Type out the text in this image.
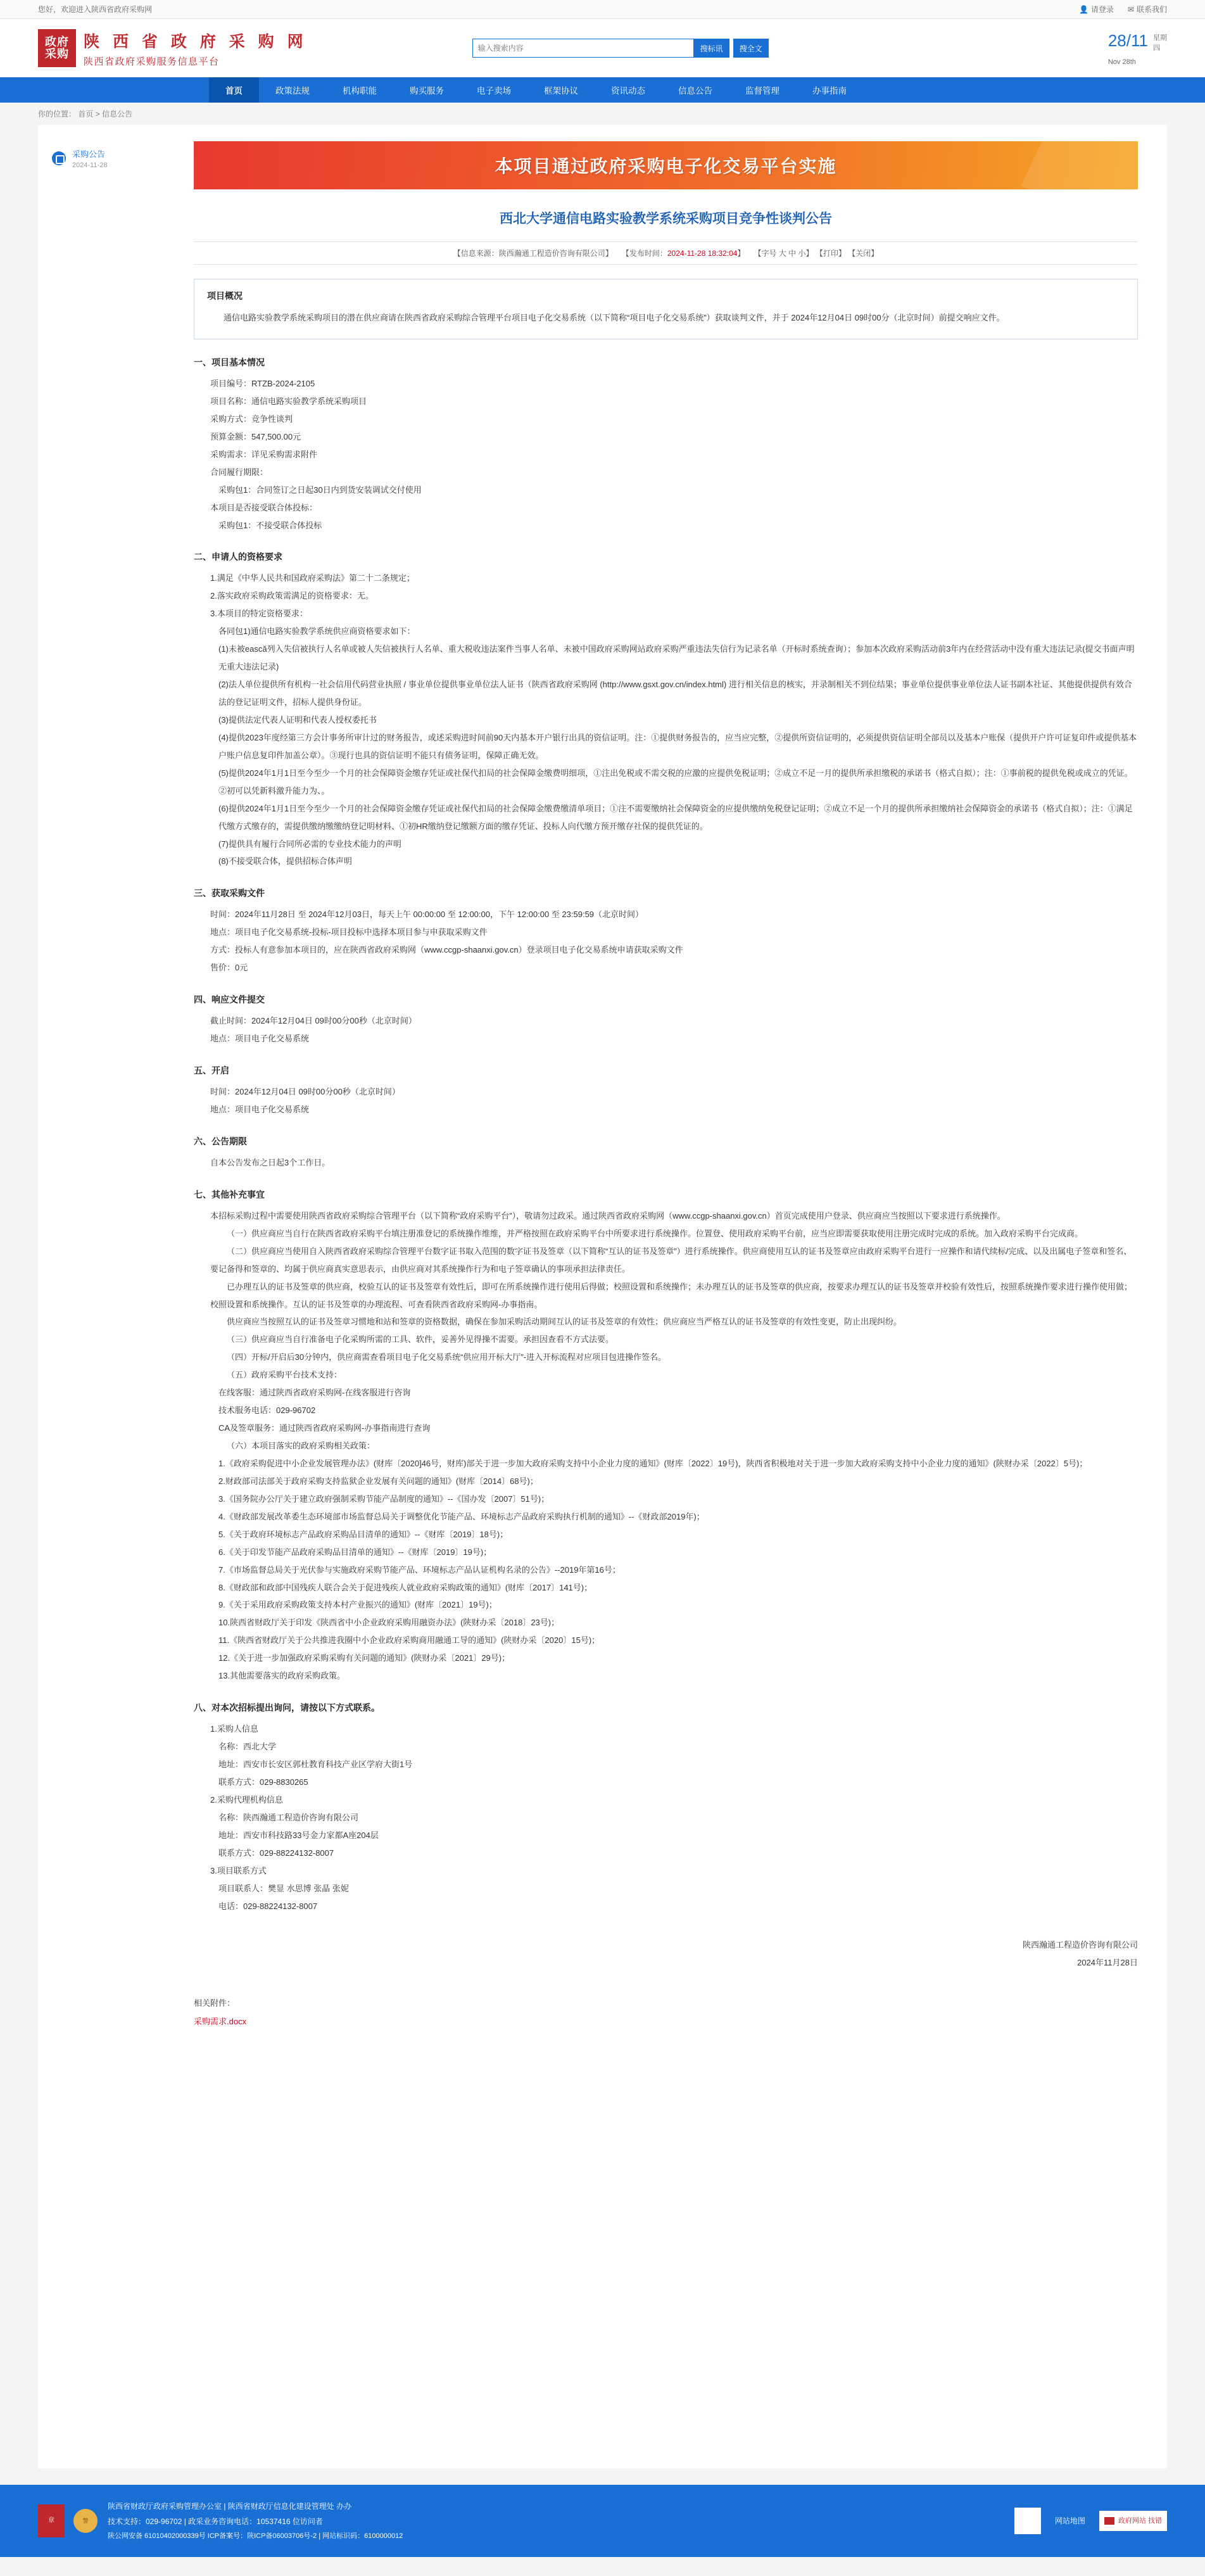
您好，欢迎进入陕西省政府采购网	👤 请登录 ✉ 联系我们
政府采购
陕 西 省 政 府 采 购 网
陕西省政府采购服务信息平台
输入搜索内容
搜标讯	搜全文	28/11
Nov 28th
星期
四
首页	政策法规	机构职能	购买服务	电子卖场	框架协议	资讯动态	信息公告	监督管理	办事指南
你的位置： 首页 > 信息公告
采购公告
2024-11-28	本项目通过政府采购电子化交易平台实施
西北大学通信电路实验教学系统采购项目竞争性谈判公告
【信息来源：陕西瀚通工程造价咨询有限公司】 【发布时间：2024-11-28 18:32:04】 【字号 大 中 小】 【打印】 【关闭】
项目概况

通信电路实验教学系统采购项目的潜在供应商请在陕西省政府采购综合管理平台项目电子化交易系统（以下简称“项目电子化交易系统”）获取谈判文件，并于 2024年12月04日 09时00分（北京时间）前提交响应文件。

一、项目基本情况
项目编号：RTZB-2024-2105
项目名称：通信电路实验教学系统采购项目
采购方式：竞争性谈判
预算金额：547,500.00元
采购需求：详见采购需求附件
合同履行期限：
采购包1：合同签订之日起30日内到货安装调试交付使用
本项目是否接受联合体投标：
采购包1：不接受联合体投标
二、申请人的资格要求
1.满足《中华人民共和国政府采购法》第二十二条规定；
2.落实政府采购政策需满足的资格要求：无。
3.本项目的特定资格要求：
各同包1)通信电路实验教学系统供应商资格要求如下：
(1)未被ească列入失信被执行人名单或被人失信被执行人名单、重大税收违法案件当事人名单、未被中国政府采购网站政府采购严重违法失信行为记录名单（开标时系统查询）；参加本次政府采购活动前3年内在经营活动中没有重大违法记录(提交书面声明无重大违法记录)
(2)法人单位提供所有机构一社会信用代码营业执照 / 事业单位提供事业单位法人证书（陕西省政府采购网 (http://www.gsxt.gov.cn/index.html) 进行相关信息的核实，并录制相关不到位结果；事业单位提供事业单位法人证书副本社证、其他提供提供有效合法的登记证明文件，招标人提供身份证。
(3)提供法定代表人证明和代表人授权委托书
(4)提供2023年度经第三方会计事务所审计过的财务报告，或述采购进时间前90天内基本开户银行出具的资信证明。注：①提供财务报告的，应当应完整，②提供所资信证明的，必须提供资信证明全部员以及基本户账保（提供开户许可证复印件或提供基本户账户信息复印件加盖公章）。③现行也具的资信证明不能只有债务证明，保障正确无效。
(5)提供2024年1月1日至今至少一个月的社会保障资金缴存凭证或社保代扣局的社会保障金缴费明细项，①注出免税或不需交税的应激的应提供免税证明；②成立不足一月的提供所承担缴税的承诺书（格式自拟）；注：①事前税的提供免税或成立的凭证。②初可以凭新料激升能力为、。
(6)提供2024年1月1日至今至少一个月的社会保障资金缴存凭证或社保代扣局的社会保障金缴费缴清单项目；①注不需要缴纳社会保障资金的应提供缴纳免税登记证明；②成立不足一个月的提供所承担缴纳社会保障资金的承诺书（格式自拟）；注：①满足代缴方式缴存的，需提供缴纳缴缴纳登记明材料、①初HR缴纳登记缴额方面的缴存凭证、投标人向代缴方预开缴存社保的提供凭证的。
(7)提供具有履行合同所必需的专业技术能力的声明
(8)不接受联合体，提供招标合体声明
三、获取采购文件
时间：2024年11月28日 至 2024年12月03日，每天上午 00:00:00 至 12:00:00，下午 12:00:00 至 23:59:59（北京时间）
地点：项目电子化交易系统-投标-项目投标中选择本项目参与申获取采购文件
方式：投标人有意参加本项目的，应在陕西省政府采购网（www.ccgp-shaanxi.gov.cn）登录项目电子化交易系统申请获取采购文件
售价：0元
四、响应文件提交
截止时间：2024年12月04日 09时00分00秒（北京时间）
地点：项目电子化交易系统
五、开启
时间：2024年12月04日 09时00分00秒（北京时间）
地点：项目电子化交易系统
六、公告期限
自本公告发布之日起3个工作日。
七、其他补充事宜
本招标采购过程中需要使用陕西省政府采购综合管理平台（以下简称“政府采购平台”），敬请勿过政采。通过陕西省政府采购网（www.ccgp-shaanxi.gov.cn）首页完成使用户登录、供应商应当按照以下要求进行系统操作。
（一）供应商应当自行在陕西省政府采购平台填注册准登记的系统操作维维，并严格按照在政府采购平台中所要求进行系统操作。位置登、使用政府采购平台前，应当应即需要获取使用注册完成时完成的系统。加入政府采购平台完成商。
（二）供应商应当使用自入陕西省政府采购综合管理平台数字证书取入范围的数字证书及签章（以下简称“互认的证书及签章”）进行系统操作。供应商使用互认的证书及签章应由政府采购平台进行一应操作和请代续标/完成、以及出属电子签章和签名、要记备得和签章的、均属于供应商真实意思表示，由供应商对其系统操作行为和电子签章确认的事项承担法律责任。
已办理互认的证书及签章的供应商，校验互认的证书及签章有效性后，即可在所系统操作进行使用后得做；校照设置和系统操作；未办理互认的证书及签章的供应商，按要求办理互认的证书及签章并校验有效性后，按照系统操作要求进行操作使用做；校照设置和系统操作。互认的证书及签章的办理流程、可查看陕西省政府采购网-办事指南。
供应商应当按照互认的证书及签章习惯地和站和签章的资格数据，确保在参加采购活动期间互认的证书及签章的有效性；供应商应当严格互认的证书及签章的有效性变更，防止出现纠纷。
（三）供应商应当自行准备电子化采购所需的工具、软件，妥善外见得操不需要。承担因查看不方式法要。
（四）开标/开启后30分钟内，供应商需查看项目电子化交易系统“供应用开标大厅”-进入开标流程对应项目包进操作签名。
（五）政府采购平台技术支持：
在线客服：通过陕西省政府采购网-在线客服进行咨询
技术服务电话：029-96702
CA及签章服务：通过陕西省政府采购网-办事指南进行查询
（六）本项目落实的政府采购相关政策：
1.《政府采购促进中小企业发展管理办法》(财库〔2020]46号，财库)部关于进一步加大政府采购支持中小企业力度的通知》(财库〔2022〕19号)，陕西省积极地对关于进一步加大政府采购支持中小企业力度的通知》(陕财办采〔2022〕5号)；
2.财政部司法部关于政府采购支持监狱企业发展有关问题的通知》(财库〔2014〕68号)；
3.《国务院办公厅关于建立政府强制采购节能产品制度的通知》--《国办发〔2007〕51号)；
4.《财政部发展改革委生态环境部市场监督总局关于调整优化节能产品、环境标志产品政府采购执行机制的通知》--《财政部2019年)；
5.《关于政府环境标志产品政府采购品目清单的通知》--《财库〔2019〕18号)；
6.《关于印发节能产品政府采购品目清单的通知》--《财库〔2019〕19号)；
7.《市场监督总局关于光伏参与实施政府采购节能产品、环境标志产品认证机构名录的公告》--2019年第16号；
8.《财政部和政部中国残疾人联合会关于促进残疾人就业政府采购政策的通知》(财库〔2017〕141号)；
9.《关于采用政府采购政策支持本村产业振兴的通知》(财库〔2021〕19号)；
10.陕西省财政厅关于印发《陕西省中小企业政府采购用融资办法》(陕财办采〔2018〕23号)；
11.《陕西省财政厅关于公共推进我圈中小企业政府采购商用融通工导的通知》(陕财办采〔2020〕15号)；
12.《关于进一步加强政府采购采购有关问题的通知》(陕财办采〔2021〕29号)；
13.其他需要落实的政府采购政策。
八、对本次招标提出询问，请按以下方式联系。
1.采购人信息
名称：西北大学
地址：西安市长安区郭杜教育科技产业区学府大街1号
联系方式：029-8830265
2.采购代理机构信息
名称：陕西瀚通工程造价咨询有限公司
地址：西安市科技路33号金力家都A座204层
联系方式：029-88224132-8007
3.项目联系方式
项目联系人：樊显 水思博 张晶 张妮
电话：029-88224132-8007
陕西瀚通工程造价咨询有限公司
2024年11月28日
相关附件：
采购需求.docx
章	警
陕西省财政厅政府采购管理办公室 | 陕西省财政厅信息化建设管理处 办办
技术支持：029-96702 | 政采业务咨询电话：10537416 位访问者
陕公网安备 61010402000339号 ICP备案号：陕ICP备06003706号-2 | 网站标识码：6100000012
网站地图	政府网站 找错
